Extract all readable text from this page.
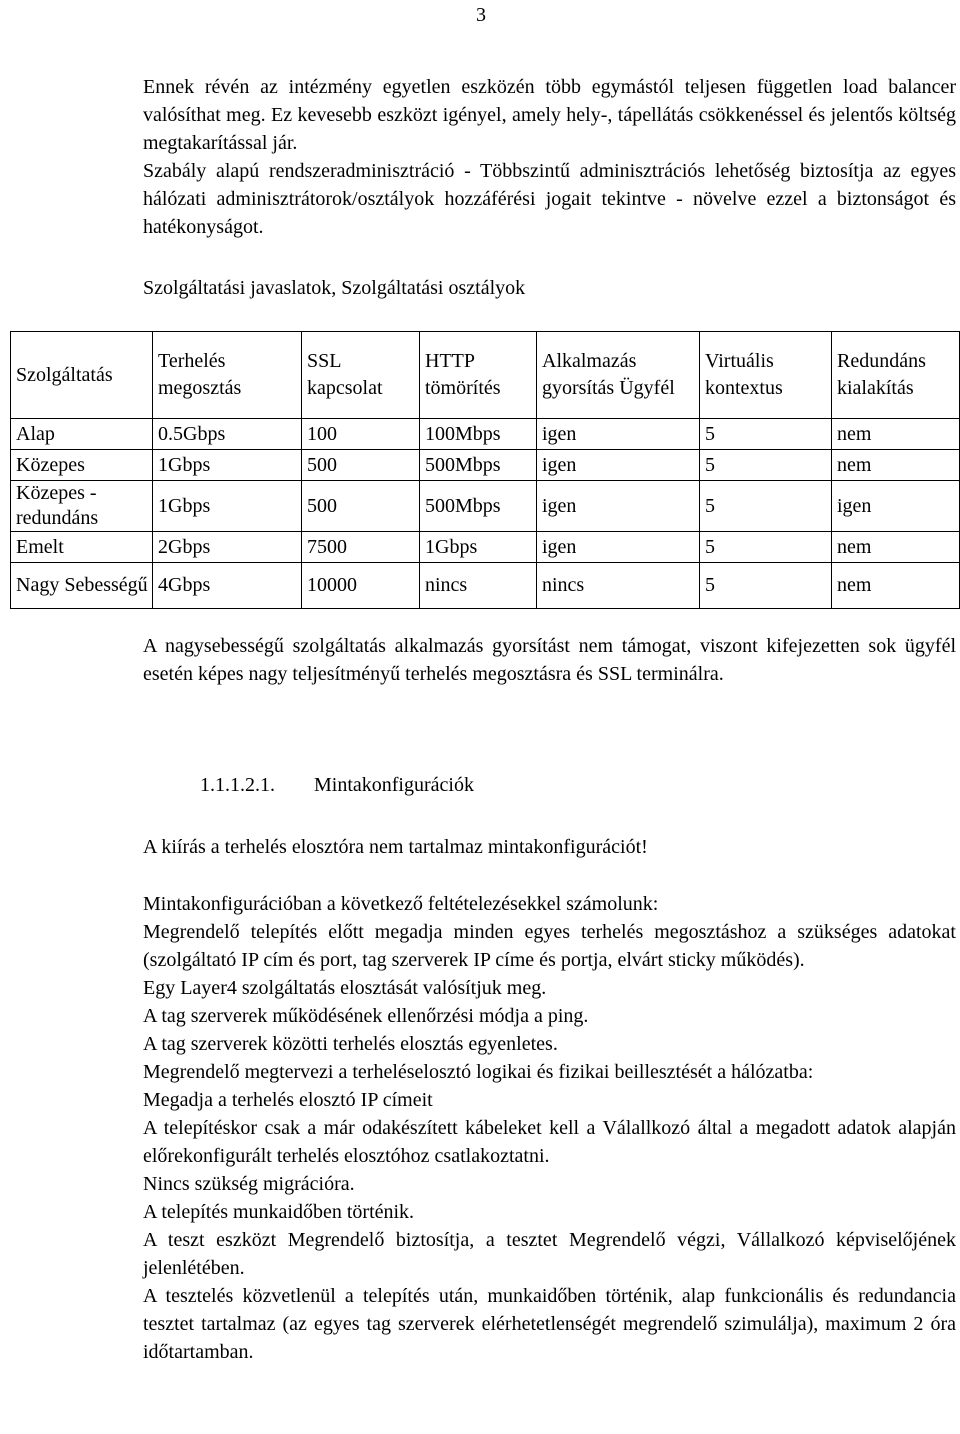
3

Ennek révén az intézmény egyetlen eszközén több egymástól teljesen független load balancer valósíthat meg. Ez kevesebb eszközt igényel, amely hely-, tápellátás csökkenéssel és jelentős költség megtakarítással jár.

Szabály alapú rendszeradminisztráció - Többszintű adminisztrációs lehetőség biztosítja az egyes hálózati adminisztrátorok/osztályok hozzáférési jogait tekintve - növelve ezzel a biztonságot és hatékonyságot.

Szolgáltatási javaslatok, Szolgáltatási osztályok
Szolgáltatás	Terhelés megosztás	SSL kapcsolat	HTTP tömörítés	Alkalmazás gyorsítás Ügyfél	Virtuális kontextus	Redundáns kialakítás
Alap	0.5Gbps	100	100Mbps	igen	5	nem
Közepes	1Gbps	500	500Mbps	igen	5	nem
Közepes - redundáns	1Gbps	500	500Mbps	igen	5	igen
Emelt	2Gbps	7500	1Gbps	igen	5	nem
Nagy Sebességű	4Gbps	10000	nincs	nincs	5	nem

A nagysebességű szolgáltatás alkalmazás gyorsítást nem támogat, viszont kifejezetten sok ügyfél esetén képes nagy teljesítményű terhelés megosztásra és SSL terminálra.

1.1.1.2.1. Mintakonfigurációk

A kiírás a terhelés elosztóra nem tartalmaz mintakonfigurációt!

Mintakonfigurációban a következő feltételezésekkel számolunk:

Megrendelő telepítés előtt megadja minden egyes terhelés megosztáshoz a szükséges adatokat (szolgáltató IP cím és port, tag szerverek IP címe és portja, elvárt sticky működés).

Egy Layer4 szolgáltatás elosztását valósítjuk meg.

A tag szerverek működésének ellenőrzési módja a ping.

A tag szerverek közötti terhelés elosztás egyenletes.

Megrendelő megtervezi a terheléselosztó logikai és fizikai beillesztését a hálózatba:

Megadja a terhelés elosztó IP címeit

A telepítéskor csak a már odakészített kábeleket kell a Válallkozó által a megadott adatok alapján előrekonfigurált terhelés elosztóhoz csatlakoztatni.

Nincs szükség migrációra.

A telepítés munkaidőben történik.

A teszt eszközt Megrendelő biztosítja, a tesztet Megrendelő végzi, Vállalkozó képviselőjének jelenlétében.

A tesztelés közvetlenül a telepítés után, munkaidőben történik, alap funkcionális és redundancia tesztet tartalmaz (az egyes tag szerverek elérhetetlenségét megrendelő szimulálja), maximum 2 óra időtartamban.
